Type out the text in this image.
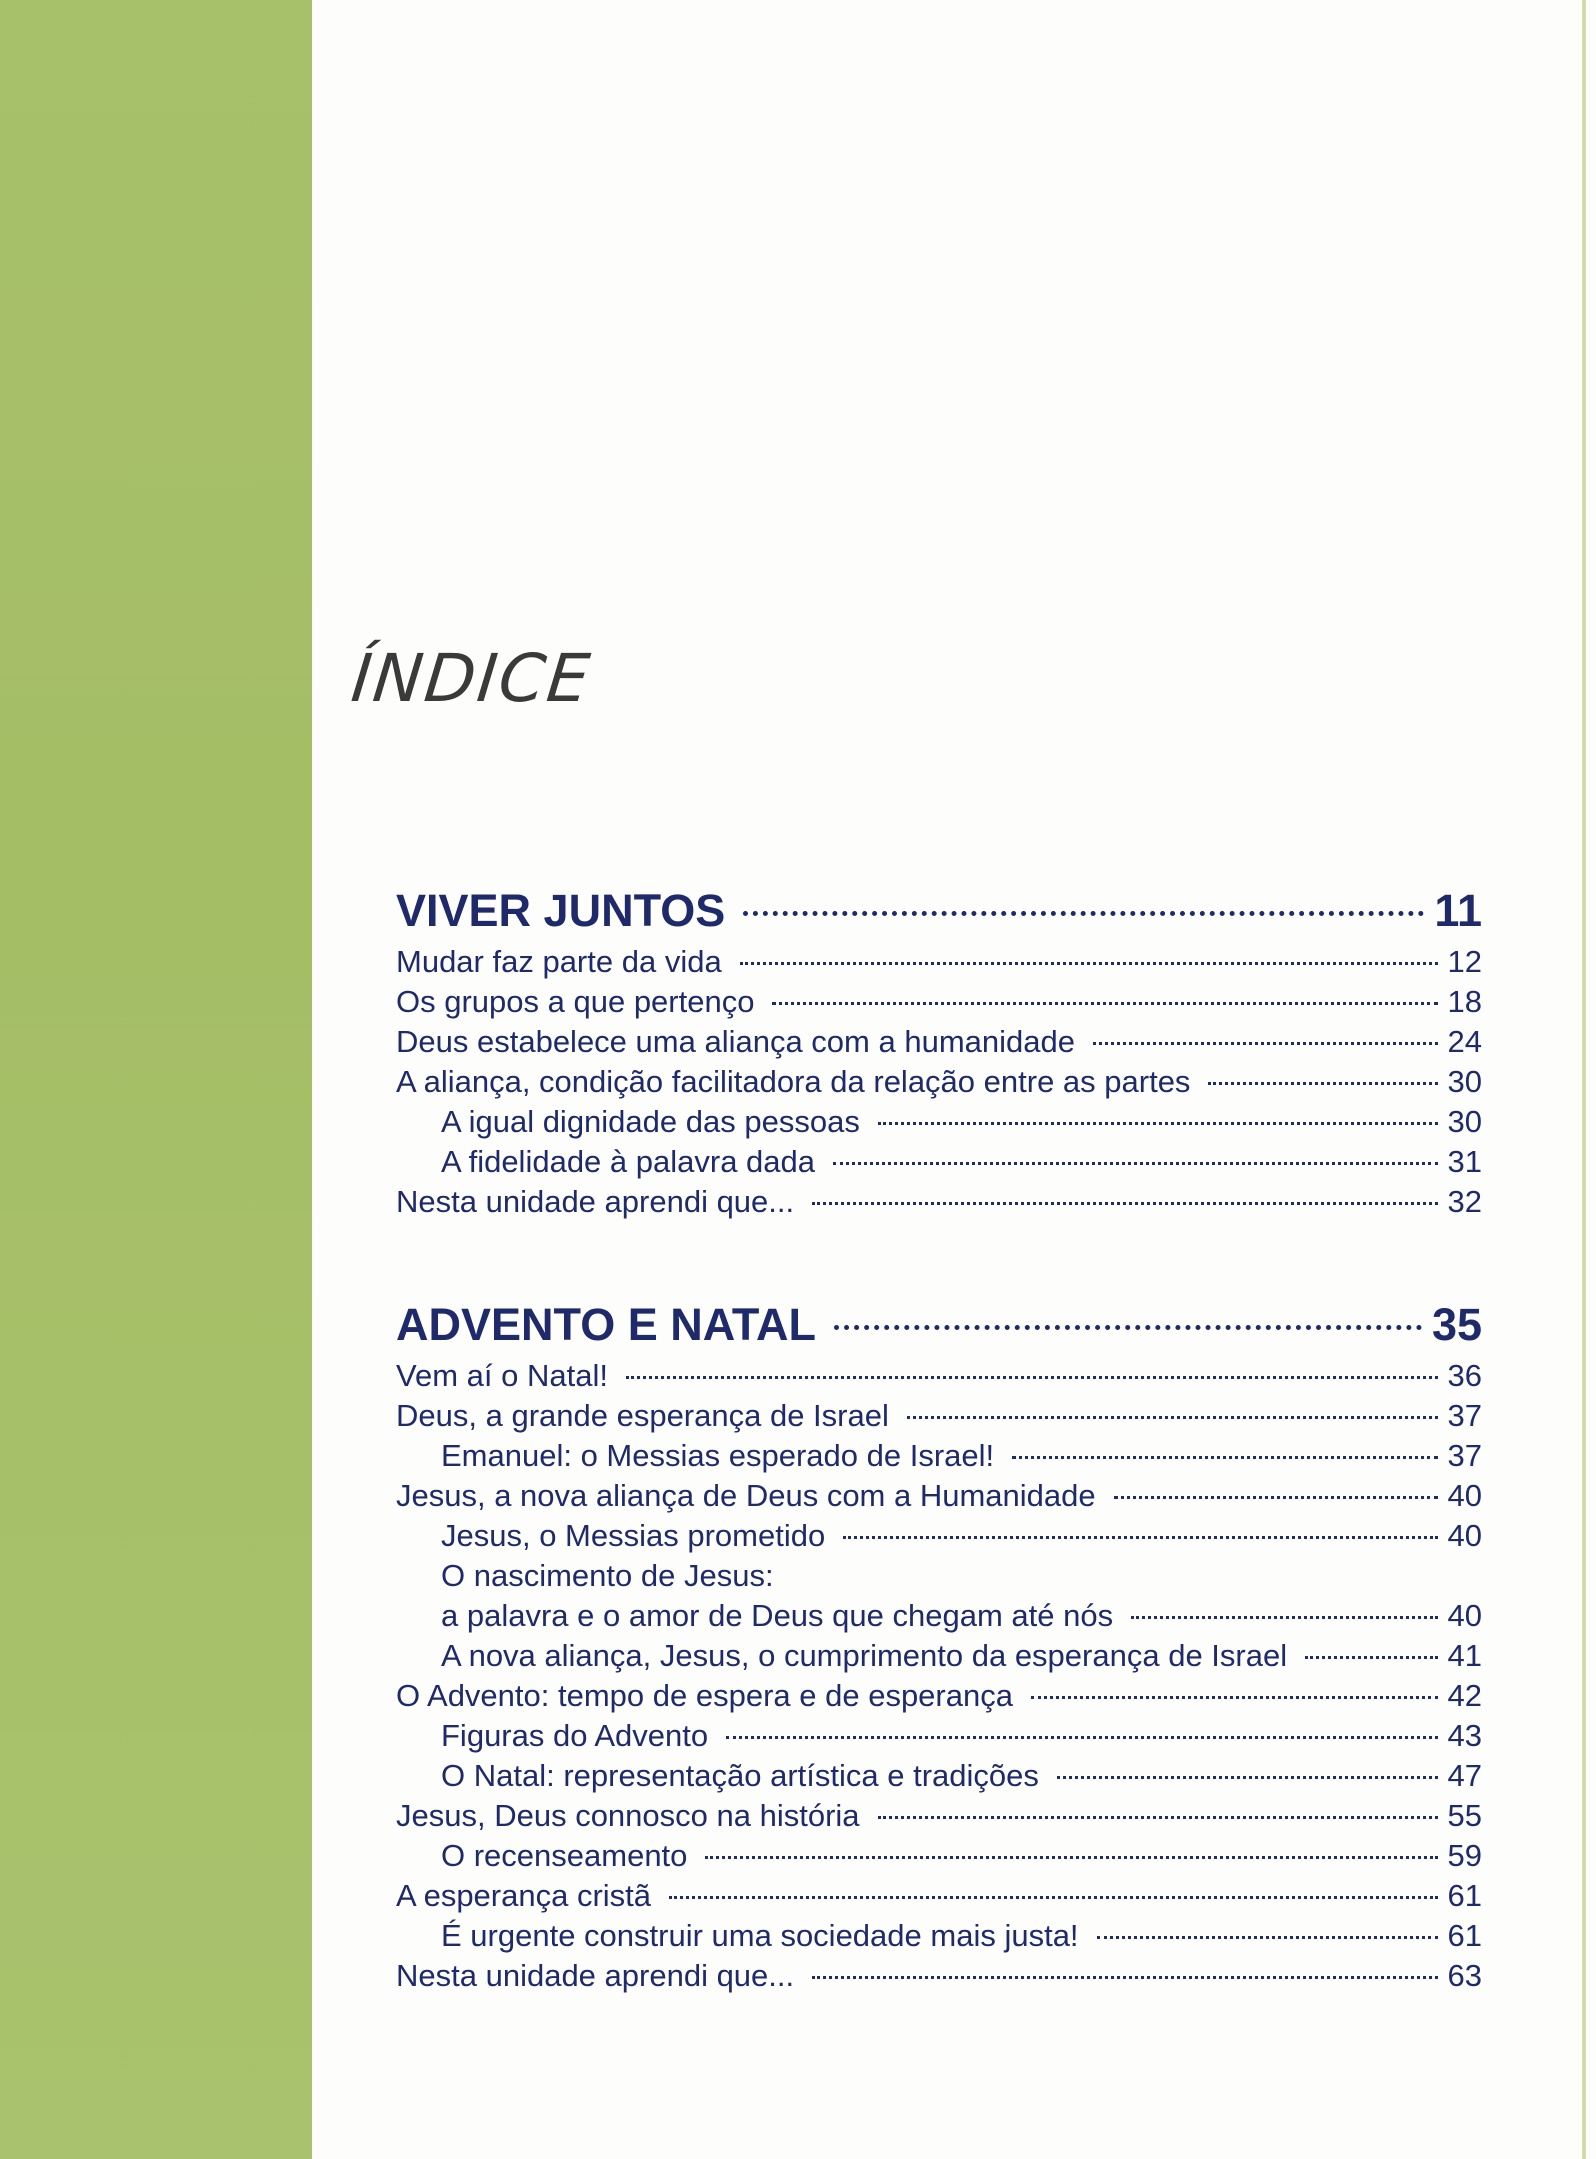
ÍNDICE
VIVER JUNTOS	11
Mudar faz parte da vida	12
Os grupos a que pertenço	18
Deus estabelece uma aliança com a humanidade	24
A aliança, condição facilitadora da relação entre as partes	30
A igual dignidade das pessoas	30
A fidelidade à palavra dada	31
Nesta unidade aprendi que...	32
ADVENTO E NATAL	35
Vem aí o Natal!	36
Deus, a grande esperança de Israel	37
Emanuel: o Messias esperado de Israel!	37
Jesus, a nova aliança de Deus com a Humanidade	40
Jesus, o Messias prometido	40
O nascimento de Jesus:
a palavra e o amor de Deus que chegam até nós	40
A nova aliança, Jesus, o cumprimento da esperança de Israel	41
O Advento: tempo de espera e de esperança	42
Figuras do Advento	43
O Natal: representação artística e tradições	47
Jesus, Deus connosco na história	55
O recenseamento	59
A esperança cristã	61
É urgente construir uma sociedade mais justa!	61
Nesta unidade aprendi que...	63
